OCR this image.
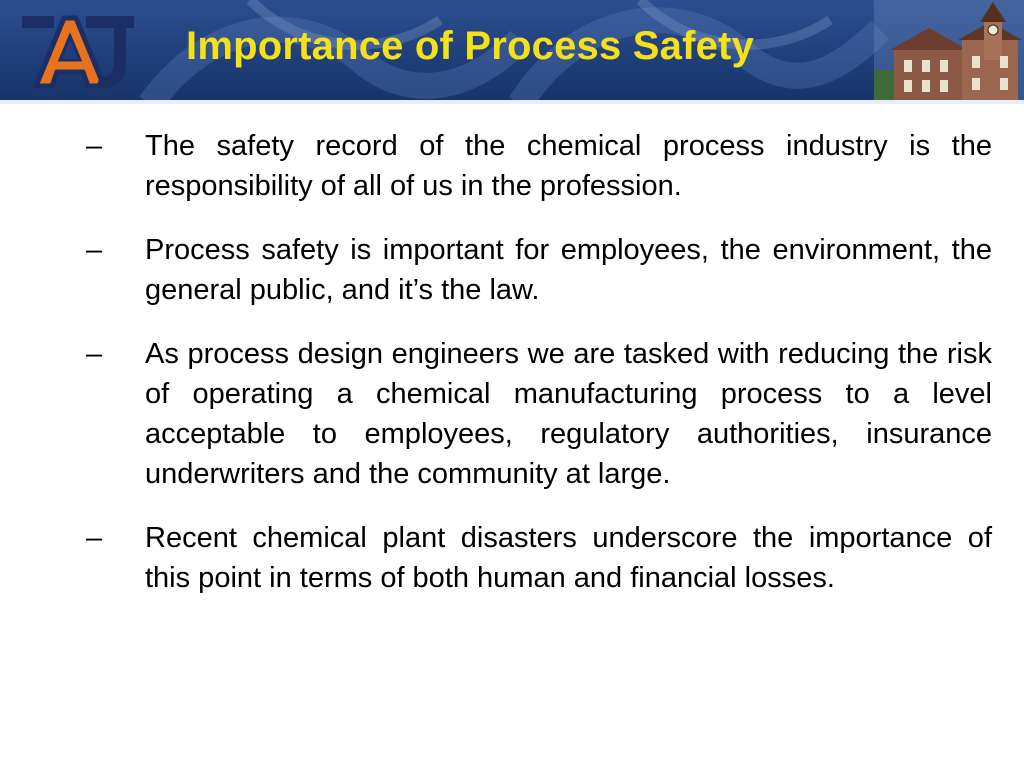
Importance of Process Safety
– The safety record of the chemical process industry is the responsibility of all of us in the profession.

– Process safety is important for employees, the environment, the general public, and it’s the law.

– As process design engineers we are tasked with reducing the risk of operating a chemical manufacturing process to a level acceptable to employees, regulatory authorities, insurance underwriters and the community at large.

– Recent chemical plant disasters underscore the importance of this point in terms of both human and financial losses.
